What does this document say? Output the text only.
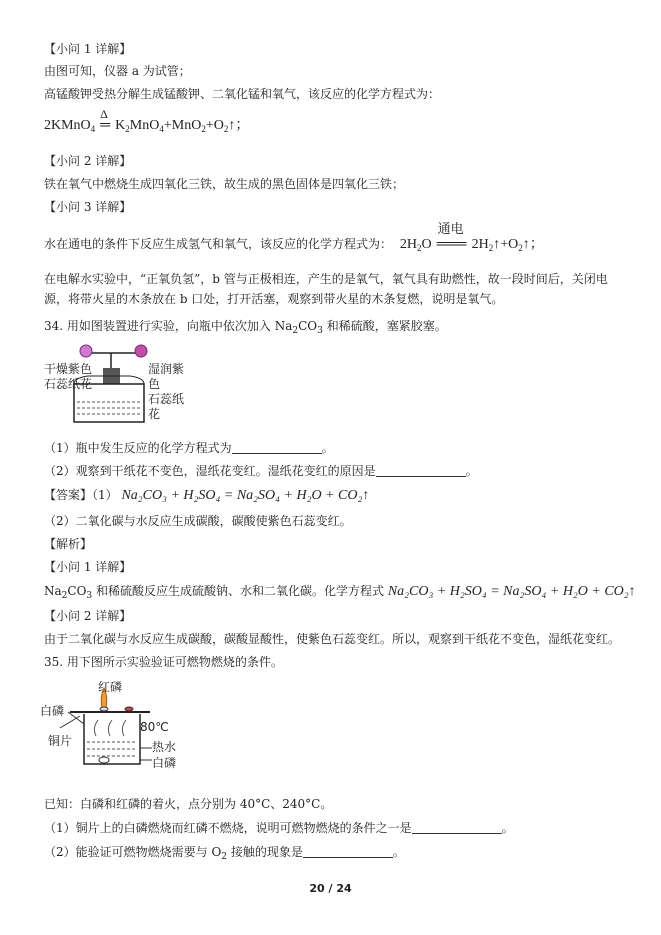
【小问 1 详解】
由图可知，仪器 a 为试管；
高锰酸钾受热分解生成锰酸钾、二氧化锰和氧气，该反应的化学方程式为：
2KMnO$_4$
Δ
═ $K_2MnO_4+MnO_2+O_2↑$；
【小问 2 详解】
铁在氧气中燃烧生成四氧化三铁，故生成的黑色固体是四氧化三铁；
【小问 3 详解】
水在通电的条件下反应生成氢气和氧气，该反应的化学方程式为： $2H_2O$
通电
═══ $2H_2↑+O_2↑$；
在电解水实验中，“正氧负氢”，b 管与正极相连，产生的是氧气，氧气具有助燃性，故一段时间后，关闭电源，将带火星的木条放在 b 口处，打开活塞，观察到带火星的木条复燃，说明是氧气。
34. 用如图装置进行实验，向瓶中依次加入 $Na_2CO_3$ 和稀硫酸，塞紧胶塞。
干燥紫色
石蕊纸花
湿润紫色
石蕊纸花
（1）瓶中发生反应的化学方程式为	。
（2）观察到干纸花不变色，湿纸花变红。湿纸花变红的原因是	。
【答案】（1） Na₂CO₃ + H₂SO₄ = Na₂SO₄ + H₂O + CO₂↑
（2）二氧化碳与水反应生成碳酸，碳酸使紫色石蕊变红。
【解析】
【小问 1 详解】
$Na_2CO_3$ 和稀硫酸反应生成硫酸钠、水和二氧化碳。化学方程式 Na₂CO₃ + H₂SO₄ = Na₂SO₄ + H₂O + CO₂↑
【小问 2 详解】
由于二氧化碳与水反应生成碳酸，碳酸显酸性，使紫色石蕊变红。所以，观察到干纸花不变色，湿纸花变红。
35. 用下图所示实验验证可燃物燃烧的条件。
红磷
白磷
铜片
80℃
热水
白磷
已知：白磷和红磷的着火，点分别为 40°C、240°C。
（1）铜片上的白磷燃烧而红磷不燃烧，说明可燃物燃烧的条件之一是	。
（2）能验证可燃物燃烧需要与 $O_2$ 接触的现象是	。
20 / 24
